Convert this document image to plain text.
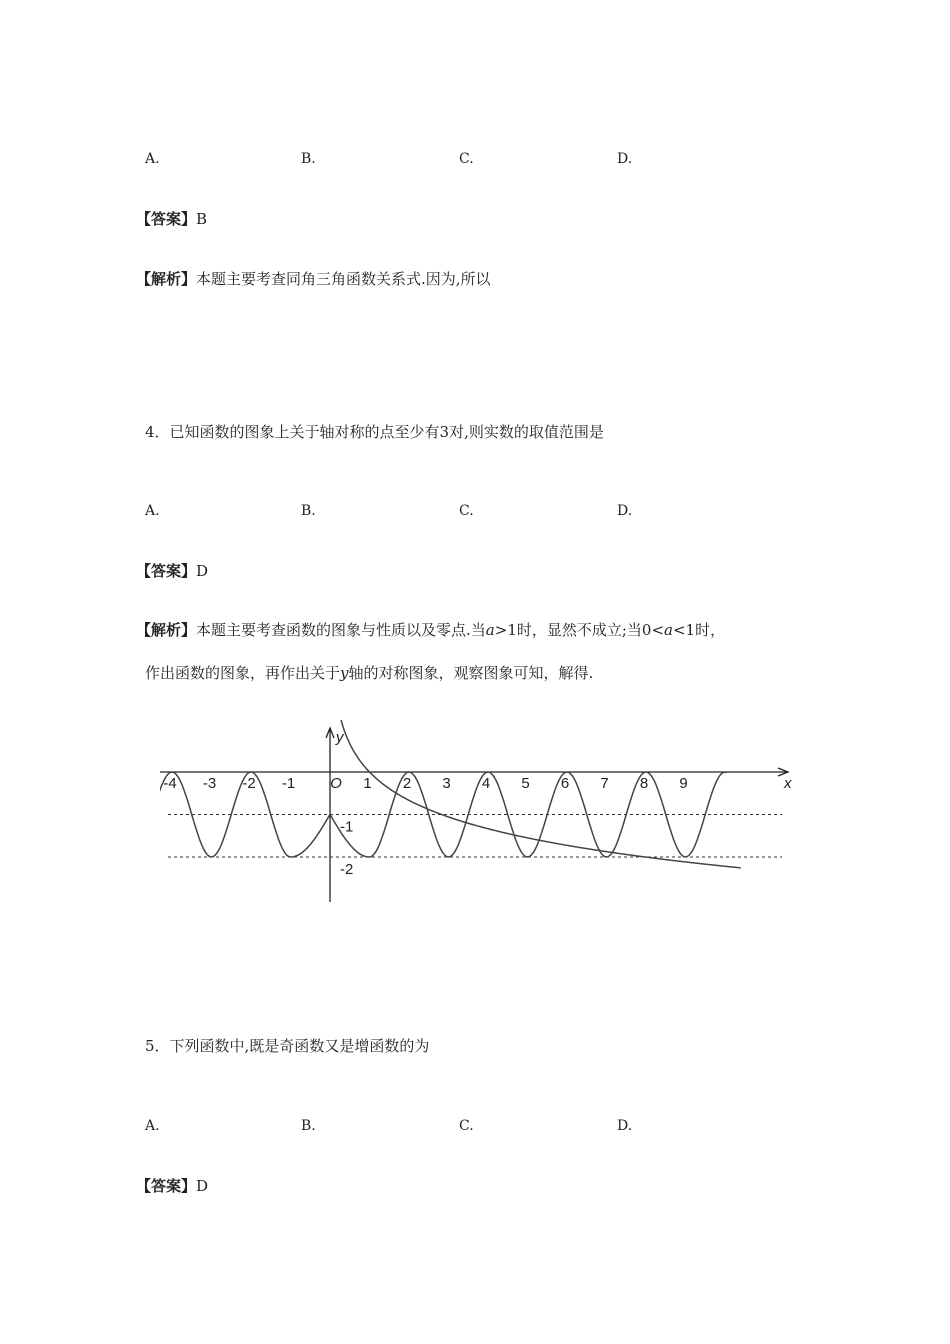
A.	B.	C.	D.
【答案】B
【解析】本题主要考查同角三角函数关系式.因为,所以
4．已知函数的图象上关于轴对称的点至少有3对,则实数的取值范围是
A.	B.	C.	D.
【答案】D
【解析】本题主要考查函数的图象与性质以及零点.当a>1时，显然不成立;当0<a<1时，
作出函数的图象，再作出关于y轴的对称图象，观察图象可知，解得.
-4 -3 -2 -1 O 1 2 3 4 5 6 7 8 9
-1
-2
x
y
5．下列函数中,既是奇函数又是增函数的为
A.	B.	C.	D.
【答案】D
